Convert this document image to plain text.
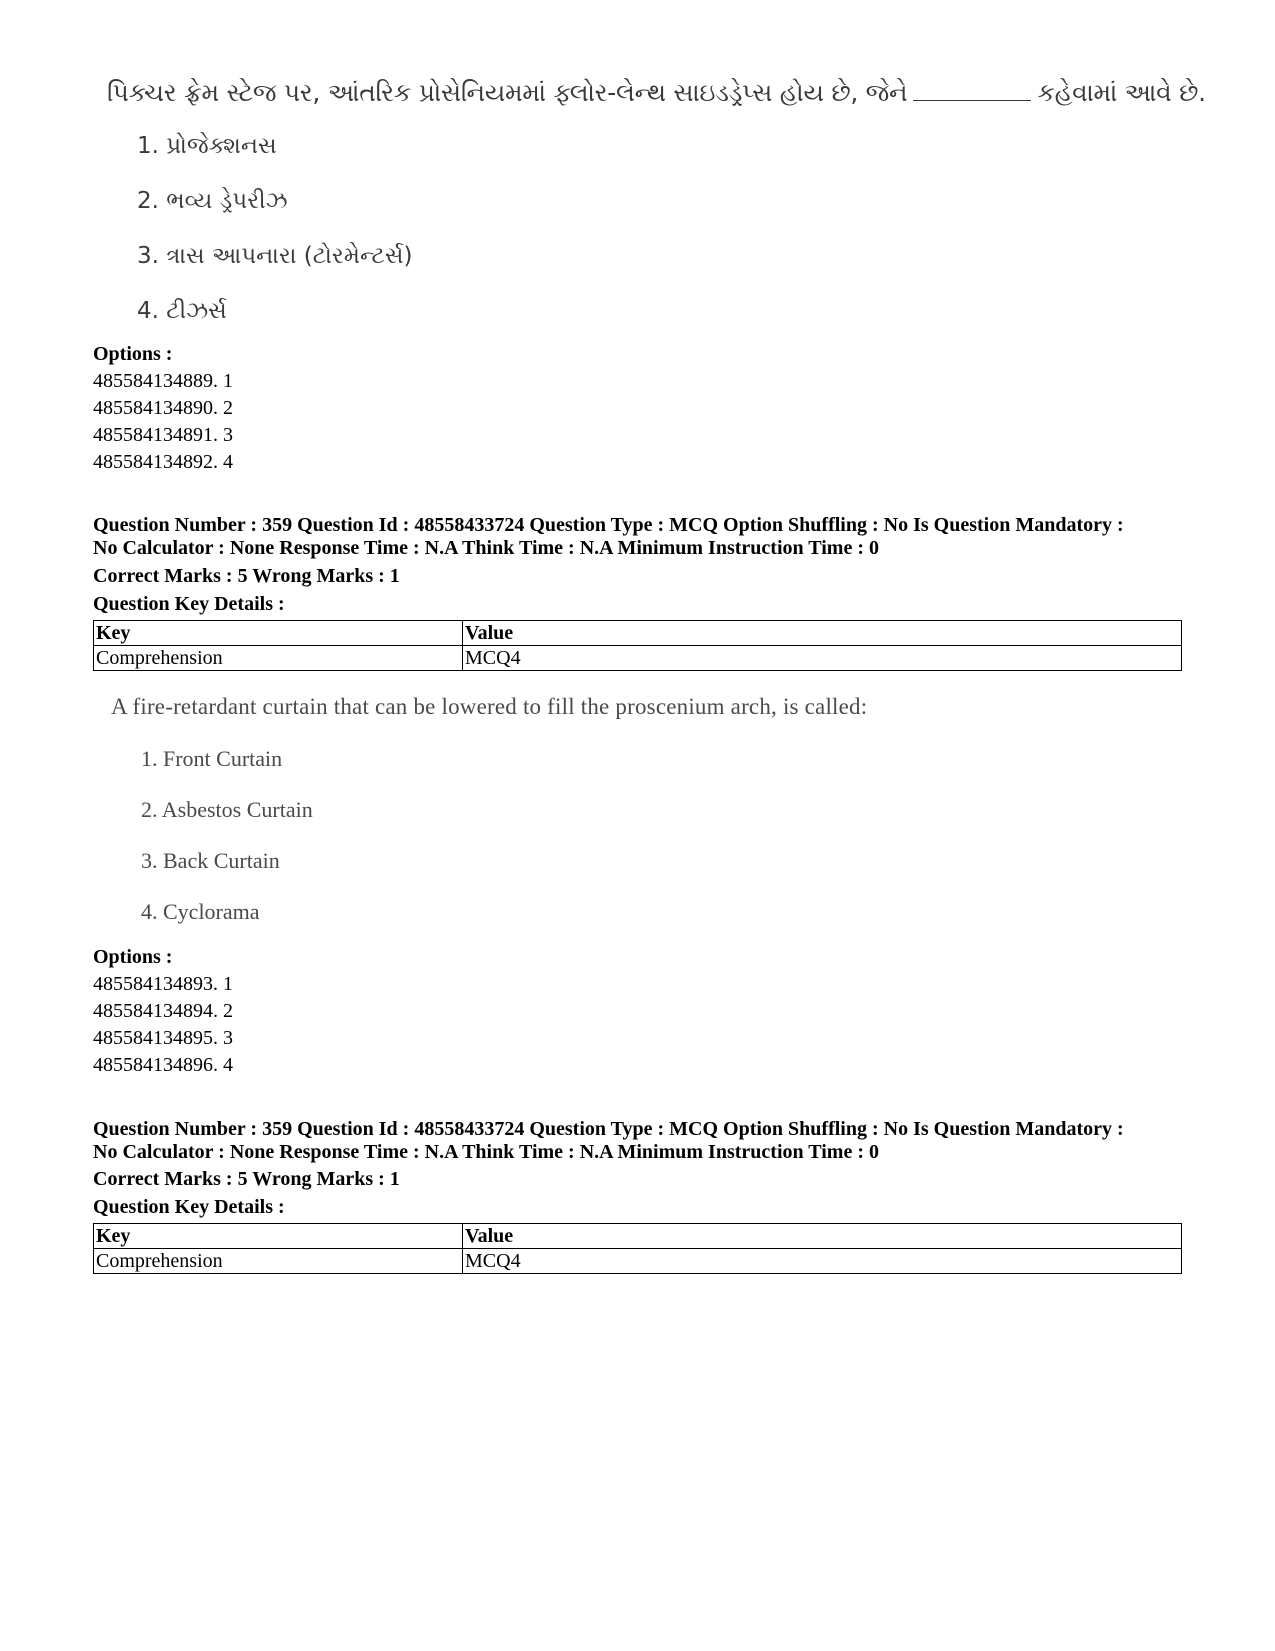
પિક્ચર ફ્રેમ સ્ટેજ પર, આંતરિક પ્રોસેનિયમમાં ફ્લોર-લેન્થ સાઇડડ્રેપ્સ હોય છે, જેને	કહેવામાં આવે છે.
1. પ્રોજેક્શનસ
2. ભવ્ય ડ્રેપરીઝ
3. ત્રાસ આપનારા (ટોરમેન્ટર્સ)
4. ટીઝર્સ
Options :
485584134889. 1
485584134890. 2
485584134891. 3
485584134892. 4
Question Number : 359 Question Id : 48558433724 Question Type : MCQ Option Shuffling : No Is Question Mandatory :
No Calculator : None Response Time : N.A Think Time : N.A Minimum Instruction Time : 0
Correct Marks : 5 Wrong Marks : 1
Question Key Details :
Key	Value
Comprehension	MCQ4
A fire-retardant curtain that can be lowered to fill the proscenium arch, is called:
1. Front Curtain
2. Asbestos Curtain
3. Back Curtain
4. Cyclorama
Options :
485584134893. 1
485584134894. 2
485584134895. 3
485584134896. 4
Question Number : 359 Question Id : 48558433724 Question Type : MCQ Option Shuffling : No Is Question Mandatory :
No Calculator : None Response Time : N.A Think Time : N.A Minimum Instruction Time : 0
Correct Marks : 5 Wrong Marks : 1
Question Key Details :
Key	Value
Comprehension	MCQ4
